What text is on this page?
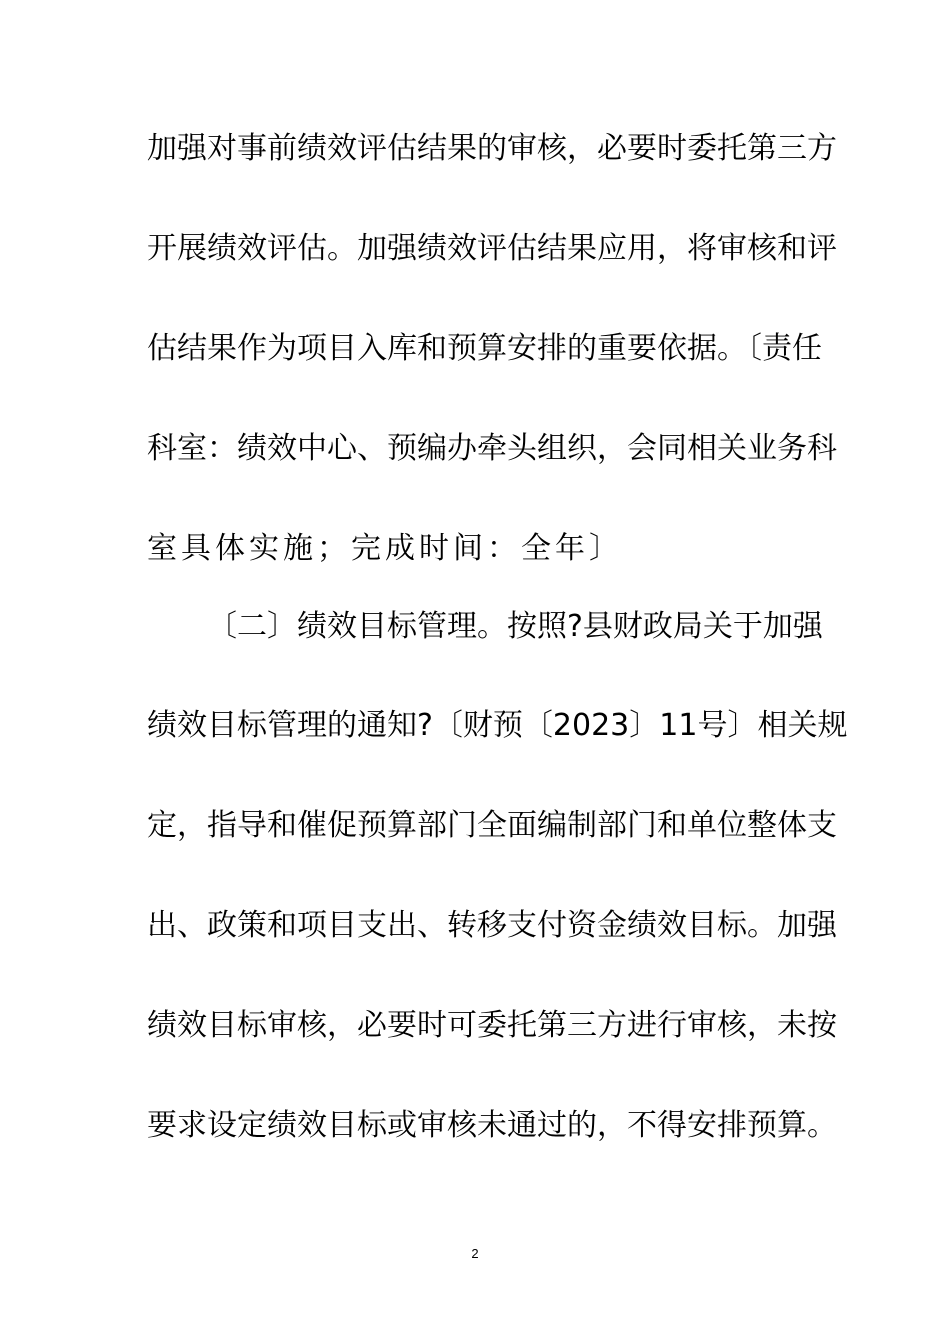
加强对事前绩效评估结果的审核，必要时委托第三方
开展绩效评估。加强绩效评估结果应用，将审核和评
估结果作为项目入库和预算安排的重要依据。〔责任
科室：绩效中心、预编办牵头组织，会同相关业务科
室具体实施；完成时间：全年〕
〔二〕绩效目标管理。按照?县财政局关于加强
绩效目标管理的通知?〔财预〔2023〕11号〕相关规
定，指导和催促预算部门全面编制部门和单位整体支
出、政策和项目支出、转移支付资金绩效目标。加强
绩效目标审核，必要时可委托第三方进行审核，未按
要求设定绩效目标或审核未通过的，不得安排预算。
2
